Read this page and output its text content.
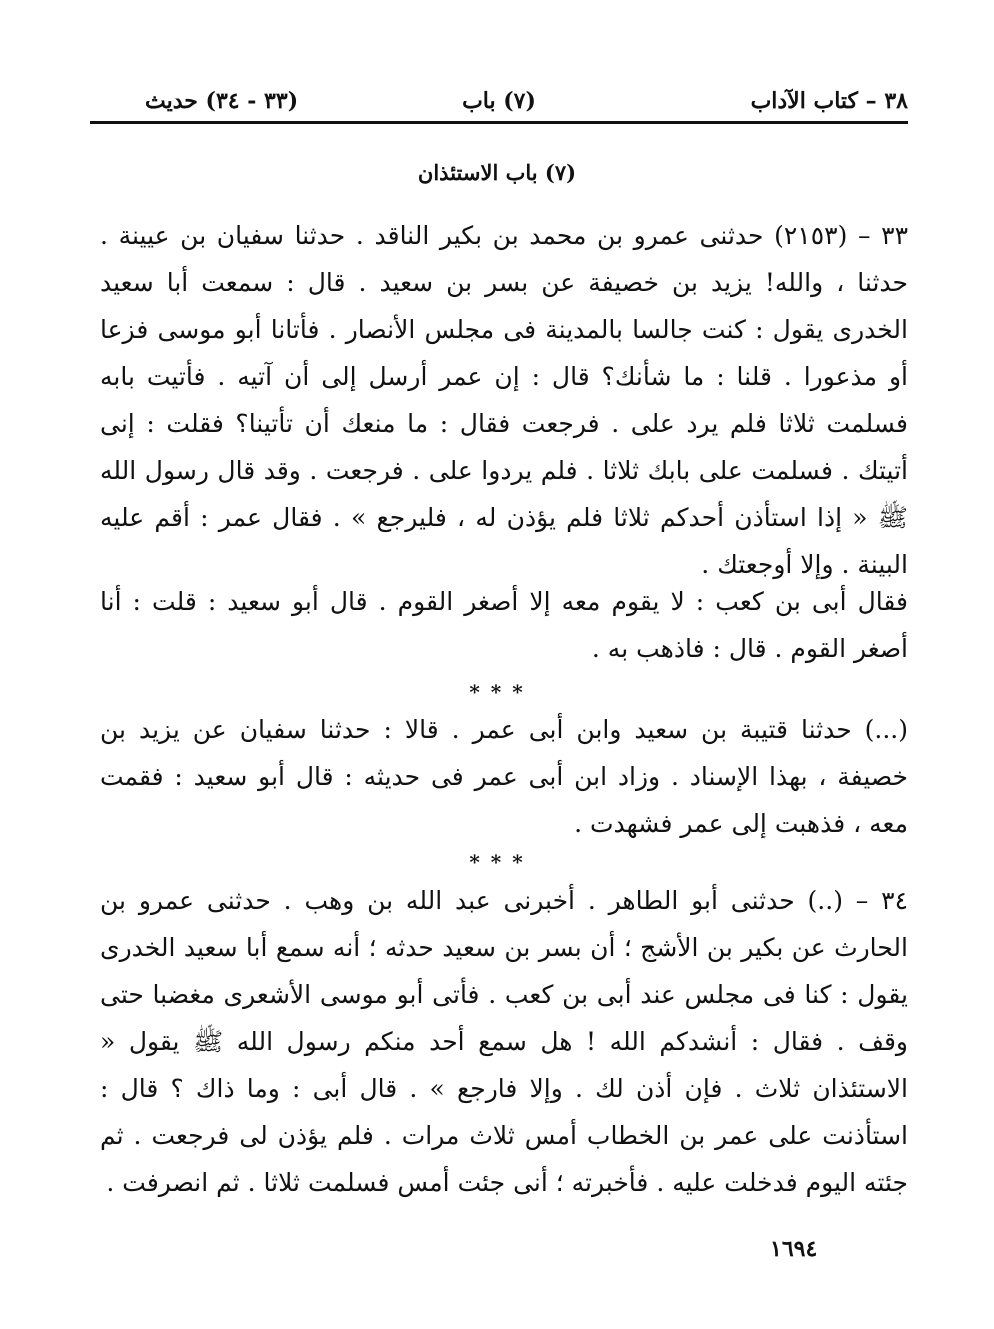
٣٨ – كتاب الآداب
(٧) باب
(٣٣ - ٣٤) حديث
(٧) باب الاستئذان
٣٣ – (٢١٥٣) حدثنى عمرو بن محمد بن بكير الناقد . حدثنا سفيان بن عيينة . حدثنا ، والله! يزيد بن خصيفة عن بسر بن سعيد . قال : سمعت أبا سعيد الخدرى يقول : كنت جالسا بالمدينة فى مجلس الأنصار . فأتانا أبو موسى فزعا أو مذعورا . قلنا : ما شأنك؟ قال : إن عمر أرسل إلى أن آتيه . فأتيت بابه فسلمت ثلاثا فلم يرد على . فرجعت فقال : ما منعك أن تأتينا؟ فقلت : إنى أتيتك . فسلمت على بابك ثلاثا . فلم يردوا على . فرجعت . وقد قال رسول الله ﷺ « إذا استأذن أحدكم ثلاثا فلم يؤذن له ، فليرجع » . فقال عمر : أقم عليه البينة . وإلا أوجعتك .
فقال أبى بن كعب : لا يقوم معه إلا أصغر القوم . قال أبو سعيد : قلت : أنا أصغر القوم . قال : فاذهب به .
(...) حدثنا قتيبة بن سعيد وابن أبى عمر . قالا : حدثنا سفيان عن يزيد بن خصيفة ، بهذا الإسناد . وزاد ابن أبى عمر فى حديثه : قال أبو سعيد : فقمت معه ، فذهبت إلى عمر فشهدت .
٣٤ – (..) حدثنى أبو الطاهر . أخبرنى عبد الله بن وهب . حدثنى عمرو بن الحارث عن بكير بن الأشج ؛ أن بسر بن سعيد حدثه ؛ أنه سمع أبا سعيد الخدرى يقول : كنا فى مجلس عند أبى بن كعب . فأتى أبو موسى الأشعرى مغضبا حتى وقف . فقال : أنشدكم الله ! هل سمع أحد منكم رسول الله ﷺ يقول « الاستئذان ثلاث . فإن أذن لك . وإلا فارجع » . قال أبى : وما ذاك ؟ قال : استأذنت على عمر بن الخطاب أمس ثلاث مرات . فلم يؤذن لى فرجعت . ثم جئته اليوم فدخلت عليه . فأخبرته ؛ أنى جئت أمس فسلمت ثلاثا . ثم انصرفت .
* * *
* * *
١٦٩٤
